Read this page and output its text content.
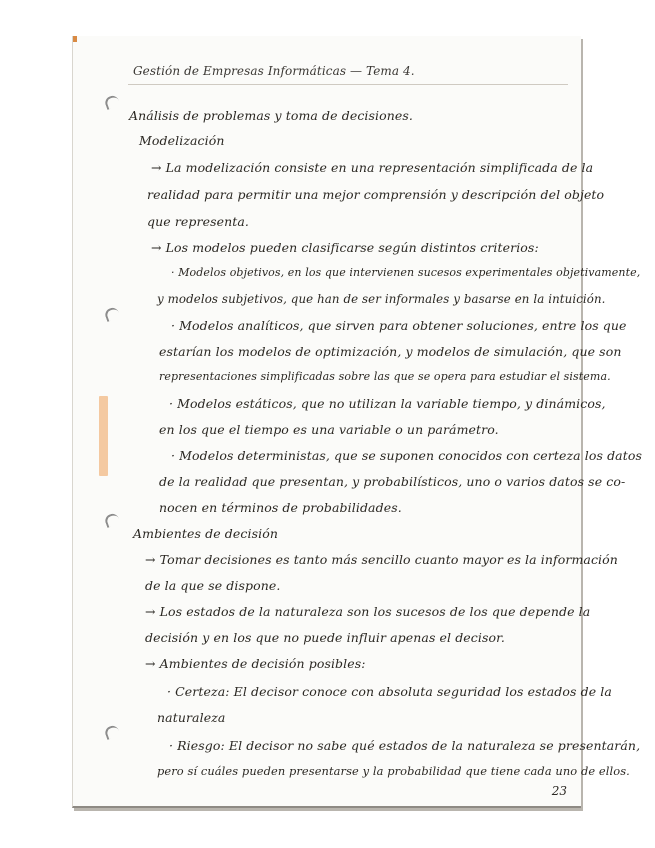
Gestión de Empresas Informáticas — Tema 4.
Análisis de problemas y toma de decisiones.
Modelización
→ La modelización consiste en una representación simplificada de la
realidad para permitir una mejor comprensión y descripción del objeto
que representa.
→ Los modelos pueden clasificarse según distintos criterios:
· Modelos objetivos, en los que intervienen sucesos experimentales objetivamente,
y modelos subjetivos, que han de ser informales y basarse en la intuición.
· Modelos analíticos, que sirven para obtener soluciones, entre los que
estarían los modelos de optimización, y modelos de simulación, que son
representaciones simplificadas sobre las que se opera para estudiar el sistema.
· Modelos estáticos, que no utilizan la variable tiempo, y dinámicos,
en los que el tiempo es una variable o un parámetro.
· Modelos deterministas, que se suponen conocidos con certeza los datos
de la realidad que presentan, y probabilísticos, uno o varios datos se co-
nocen en términos de probabilidades.
Ambientes de decisión
→ Tomar decisiones es tanto más sencillo cuanto mayor es la información
de la que se dispone.
→ Los estados de la naturaleza son los sucesos de los que depende la
decisión y en los que no puede influir apenas el decisor.
→ Ambientes de decisión posibles:
· Certeza: El decisor conoce con absoluta seguridad los estados de la
naturaleza
· Riesgo: El decisor no sabe qué estados de la naturaleza se presentarán,
pero sí cuáles pueden presentarse y la probabilidad que tiene cada uno de ellos.
23
